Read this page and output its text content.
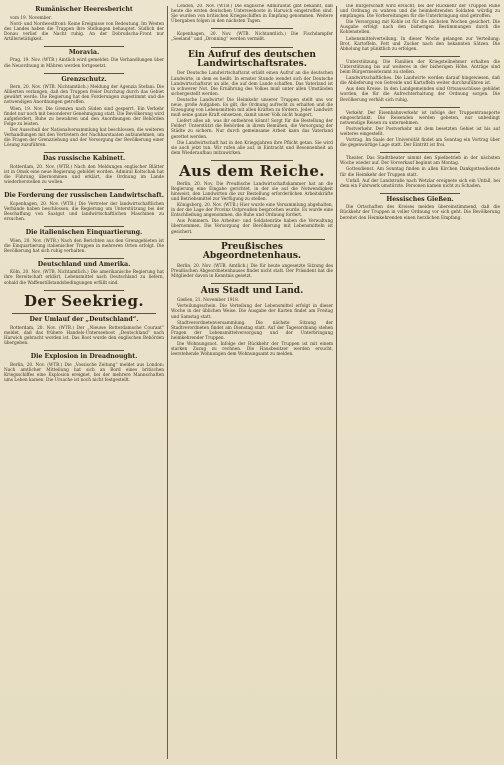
Rumänischer Heeresbericht
vom 19. November.
Nord- und Nordwestfront: Keine Ereignisse von Bedeutung. Im Westen des Landes haben die Truppen ihre Stellungen behauptet. Südlich der Donau verlief die Nacht ruhig. An der Dobrudscha-Front nur Artillerietätigkeit.
Moravia.
Prag, 19. Nov. (WTB.) Amtlich wird gemeldet: Die Verhandlungen über die Neuordnung in Mähren werden fortgesetzt.
Grenzschutz.
Bern, 20. Nov. (WTB. Nichtamtlich.) Meldung der Agenzia Stefani: Die Alliierten verlangen, daß den Truppen freier Durchzug durch das Gebiet gewährt werde. Die Regierung hat den Forderungen zugestimmt und die notwendigen Anordnungen getroffen.
Wien, 19. Nov. Die Grenzen nach Süden sind gesperrt. Ein Verkehr findet nur noch mit besonderer Genehmigung statt. Die Bevölkerung wird aufgefordert, Ruhe zu bewahren und den Anordnungen der Behörden Folge zu leisten.
Der Ausschuß der Nationalversammlung hat beschlossen, die weiteren Verhandlungen mit den Vertretern der Nachbarstaaten aufzunehmen, um die Fragen der Grenzziehung und der Versorgung der Bevölkerung einer Lösung zuzuführen.
Das russische Kabinett.
Rotterdam, 20. Nov. (WTB.) Nach den Meldungen englischer Blätter ist in Omsk eine neue Regierung gebildet worden. Admiral Koltschak hat die Führung übernommen und erklärt, die Ordnung im Lande wiederherstellen zu wollen.
Die Forderung der russischen Landwirtschaft.
Kopenhagen, 20. Nov. (WTB.) Die Vertreter der landwirtschaftlichen Verbände haben beschlossen, die Regierung um Unterstützung bei der Beschaffung von Saatgut und landwirtschaftlichen Maschinen zu ersuchen.
Die italienischen Einquartierung.
Wien, 20. Nov. (WTB.) Nach den Berichten aus den Grenzgebieten ist die Einquartierung italienischer Truppen in mehreren Orten erfolgt. Die Bevölkerung hat sich ruhig verhalten.
Deutschland und Amerika.
Köln, 20. Nov. (WTB. Nichtamtlich.) Die amerikanische Regierung hat ihre Bereitschaft erklärt, Lebensmittel nach Deutschland zu liefern, sobald die Waffenstillstandsbedingungen erfüllt sind.
Der Seekrieg.
Der Umlauf der „Deutschland“.
Rotterdam, 20. Nov. (WTB.) Der „Nieuwe Rotterdamsche Courant“ meldet, daß das frühere Handels-Unterseeboot „Deutschland“ nach Harwich gebracht worden ist. Das Boot wurde den englischen Behörden übergeben.
Die Explosion in Dreadnought.
Berlin, 20. Nov. (WTB.) Die „Vossische Zeitung“ meldet aus London: Nach amtlicher Mitteilung hat sich an Bord eines britischen Kriegsschiffes eine Explosion ereignet, bei der mehrere Mannschaften ums Leben kamen. Die Ursache ist noch nicht festgestellt.
London, 20. Nov. (WTB.) Die englische Admiralität gibt bekannt, daß heute die ersten deutschen Unterseeboote in Harwich eingetroffen sind. Sie wurden von britischen Kriegsschiffen in Empfang genommen. Weitere Übergaben folgen in den nächsten Tagen.
Kopenhagen, 20. Nov. (WTB. Nichtamtlich.) Die Fischdampfer „Seeland“ und „Dronning“ werden vermißt.
Ein Aufruf des deutschen Landwirtschaftsrates.
Der Deutsche Landwirtschaftsrat erläßt einen Aufruf an die deutschen Landwirte, in dem es heißt: In ernster Stunde wendet sich der Deutsche Landwirtschaftsrat an alle, die auf dem Lande schaffen. Das Vaterland ist in schwerer Not. Die Ernährung des Volkes muß unter allen Umständen sichergestellt werden.
Deutsche Landwirte! Die Heimkehr unserer Truppen stellt uns vor neue, große Aufgaben. Es gilt, die Ordnung aufrecht zu erhalten und die Erzeugung von Lebensmitteln mit allen Kräften zu fördern. Jeder Landwirt muß seine ganze Kraft einsetzen, damit unser Volk nicht hungert.
Liefert alles ab, was ihr entbehren könnt! Sorgt für die Bestellung der Felder! Unterstützt die Behörden in ihrem Bemühen, die Versorgung der Städte zu sichern. Nur durch gemeinsame Arbeit kann das Vaterland gerettet werden.
Die Landwirtschaft hat in den Kriegsjahren ihre Pflicht getan. Sie wird sie auch jetzt tun. Wir rufen alle auf, in Eintracht und Besonnenheit an dem Wiederaufbau mitzuwirken.
Aus dem Reiche.
Berlin, 20. Nov. Die Preußische Landwirtschaftskammer hat an die Regierung eine Eingabe gerichtet, in der sie auf die Notwendigkeit hinweist, den Landwirten die zur Bestellung erforderlichen Arbeitskräfte und Betriebsmittel zur Verfügung zu stellen.
Königsberg, 20. Nov. (WTB.) Hier wurde eine Versammlung abgehalten, in der die Lage der Provinz Ostpreußen besprochen wurde. Es wurde eine Entschließung angenommen, die Ruhe und Ordnung fordert.
Aus Pommern. Die Arbeiter- und Soldatenräte haben die Verwaltung übernommen. Die Versorgung der Bevölkerung mit Lebensmitteln ist gesichert.
Preußisches Abgeordnetenhaus.
Berlin, 20. Nov. (WTB. Amtlich.) Die für heute angesetzte Sitzung des Preußischen Abgeordnetenhauses findet nicht statt. Der Präsident hat die Mitglieder davon in Kenntnis gesetzt.
Aus Stadt und Land.
Gießen, 21. November 1918.
Verteilungsschein. Die Verteilung der Lebensmittel erfolgt in dieser Woche in der üblichen Weise. Die Ausgabe der Karten findet am Freitag und Samstag statt.
Stadtverordnetenversammlung. Die nächste Sitzung der Stadtverordneten findet am Dienstag statt. Auf der Tagesordnung stehen Fragen der Lebensmittelversorgung und der Unterbringung heimkehrender Truppen.
Die Wohnungsnot. Infolge der Rückkehr der Truppen ist mit einem starken Zuzug zu rechnen. Die Hausbesitzer werden ersucht, leerstehende Wohnungen dem Wohnungsamt zu melden.
Die Bürgerschaft wird ersucht, bei der Rückkehr der Truppen Ruhe und Ordnung zu wahren und die heimkehrenden Soldaten würdig zu empfangen. Die Vorbereitungen für die Unterbringung sind getroffen.
Die Versorgung mit Kohle ist für die nächsten Wochen gesichert. Die Ausgabe erfolgt nach den bisherigen Bestimmungen durch die Kohlenstellen.
Lebensmittelverteilung. In dieser Woche gelangen zur Verteilung: Brot, Kartoffeln, Fett und Zucker nach den bekannten Sätzen. Die Abholung hat pünktlich zu erfolgen.
Unterstützung. Die Familien der Kriegsteilnehmer erhalten die Unterstützung bis auf weiteres in der bisherigen Höhe. Anträge sind beim Bürgermeisteramt zu stellen.
Landwirtschaftliches. Die Landwirte werden darauf hingewiesen, daß die Ablieferung von Getreide und Kartoffeln weiter durchzuführen ist.
Aus dem Kreise. In den Landgemeinden sind Ortsausschüsse gebildet worden, die für die Aufrechterhaltung der Ordnung sorgen. Die Bevölkerung verhält sich ruhig.
Verkehr. Der Eisenbahnverkehr ist infolge der Truppentransporte eingeschränkt. Die Reisenden werden gebeten, nur unbedingt notwendige Reisen zu unternehmen.
Postverkehr. Der Postverkehr mit dem besetzten Gebiet ist bis auf weiteres eingestellt.
Vortrag. Im Saale der Universität findet am Sonntag ein Vortrag über die gegenwärtige Lage statt. Der Eintritt ist frei.
Theater. Das Stadttheater nimmt den Spielbetrieb in der nächsten Woche wieder auf. Der Vorverkauf beginnt am Montag.
Gottesdienst. Am Sonntag finden in allen Kirchen Dankgottesdienste für die Heimkehr der Truppen statt.
Unfall. Auf der Landstraße nach Wetzlar ereignete sich ein Unfall, bei dem ein Fuhrwerk umstürzte. Personen kamen nicht zu Schaden.
Hessisches Gießen.
Die Ortschaften des Kreises melden übereinstimmend, daß die Rückkehr der Truppen in voller Ordnung vor sich geht. Die Bevölkerung bereitet den Heimkehrenden einen herzlichen Empfang.
